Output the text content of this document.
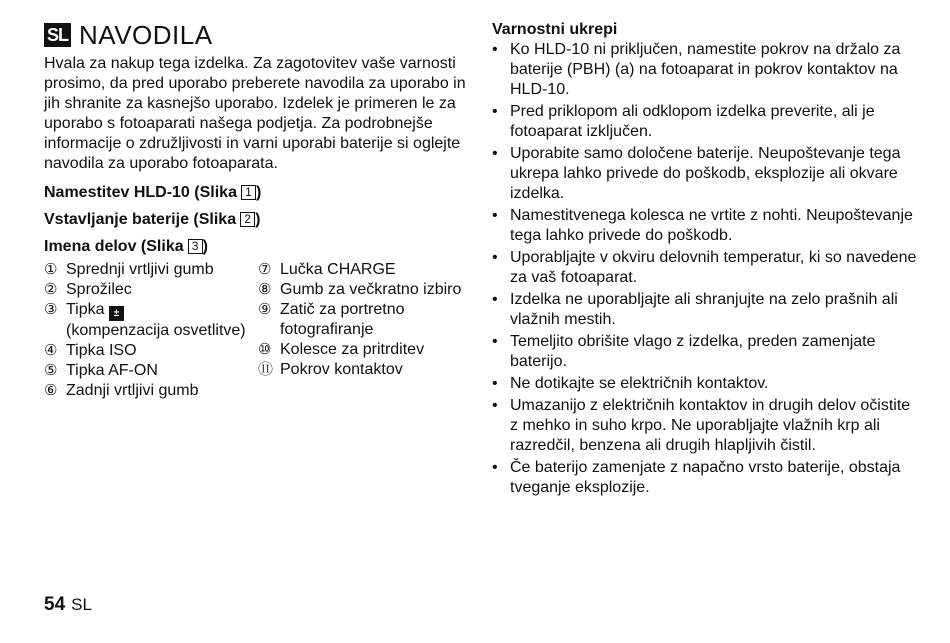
SL NAVODILA

Hvala za nakup tega izdelka. Za zagotovitev vaše varnosti prosimo, da pred uporabo preberete navodila za uporabo in jih shranite za kasnejšo uporabo. Izdelek je primeren le za uporabo s fotoaparati našega podjetja. Za podrobnejše informacije o združljivosti in varni uporabi baterije si oglejte navodila za uporabo fotoaparata.

Namestitev HLD-10 (Slika 1 )
Vstavljanje baterije (Slika 2 )
Imena delov (Slika 3 )
① Sprednji vrtljivi gumb
② Sprožilec
③ Tipka ±
(kompenzacija osvetlitve)
④ Tipka ISO
⑤ Tipka AF-ON
⑥ Zadnji vrtljivi gumb
⑦ Lučka CHARGE
⑧ Gumb za večkratno izbiro
⑨ Zatič za portretno fotografiranje
⑩ Kolesce za pritrditev
⑪ Pokrov kontaktov
Varnostni ukrepi
• Ko HLD-10 ni priključen, namestite pokrov na držalo za baterije (PBH) (a) na fotoaparat in pokrov kontaktov na HLD-10.
• Pred priklopom ali odklopom izdelka preverite, ali je fotoaparat izključen.
• Uporabite samo določene baterije. Neupoštevanje tega ukrepa lahko privede do poškodb, eksplozije ali okvare izdelka.
• Namestitvenega kolesca ne vrtite z nohti. Neupoštevanje tega lahko privede do poškodb.
• Uporabljajte v okviru delovnih temperatur, ki so navedene za vaš fotoaparat.
• Izdelka ne uporabljajte ali shranjujte na zelo prašnih ali vlažnih mestih.
• Temeljito obrišite vlago z izdelka, preden zamenjate baterijo.
• Ne dotikajte se električnih kontaktov.
• Umazanijo z električnih kontaktov in drugih delov očistite z mehko in suho krpo. Ne uporabljajte vlažnih krp ali razredčil, benzena ali drugih hlapljivih čistil.
• Če baterijo zamenjate z napačno vrsto baterije, obstaja tveganje eksplozije.
54 SL
